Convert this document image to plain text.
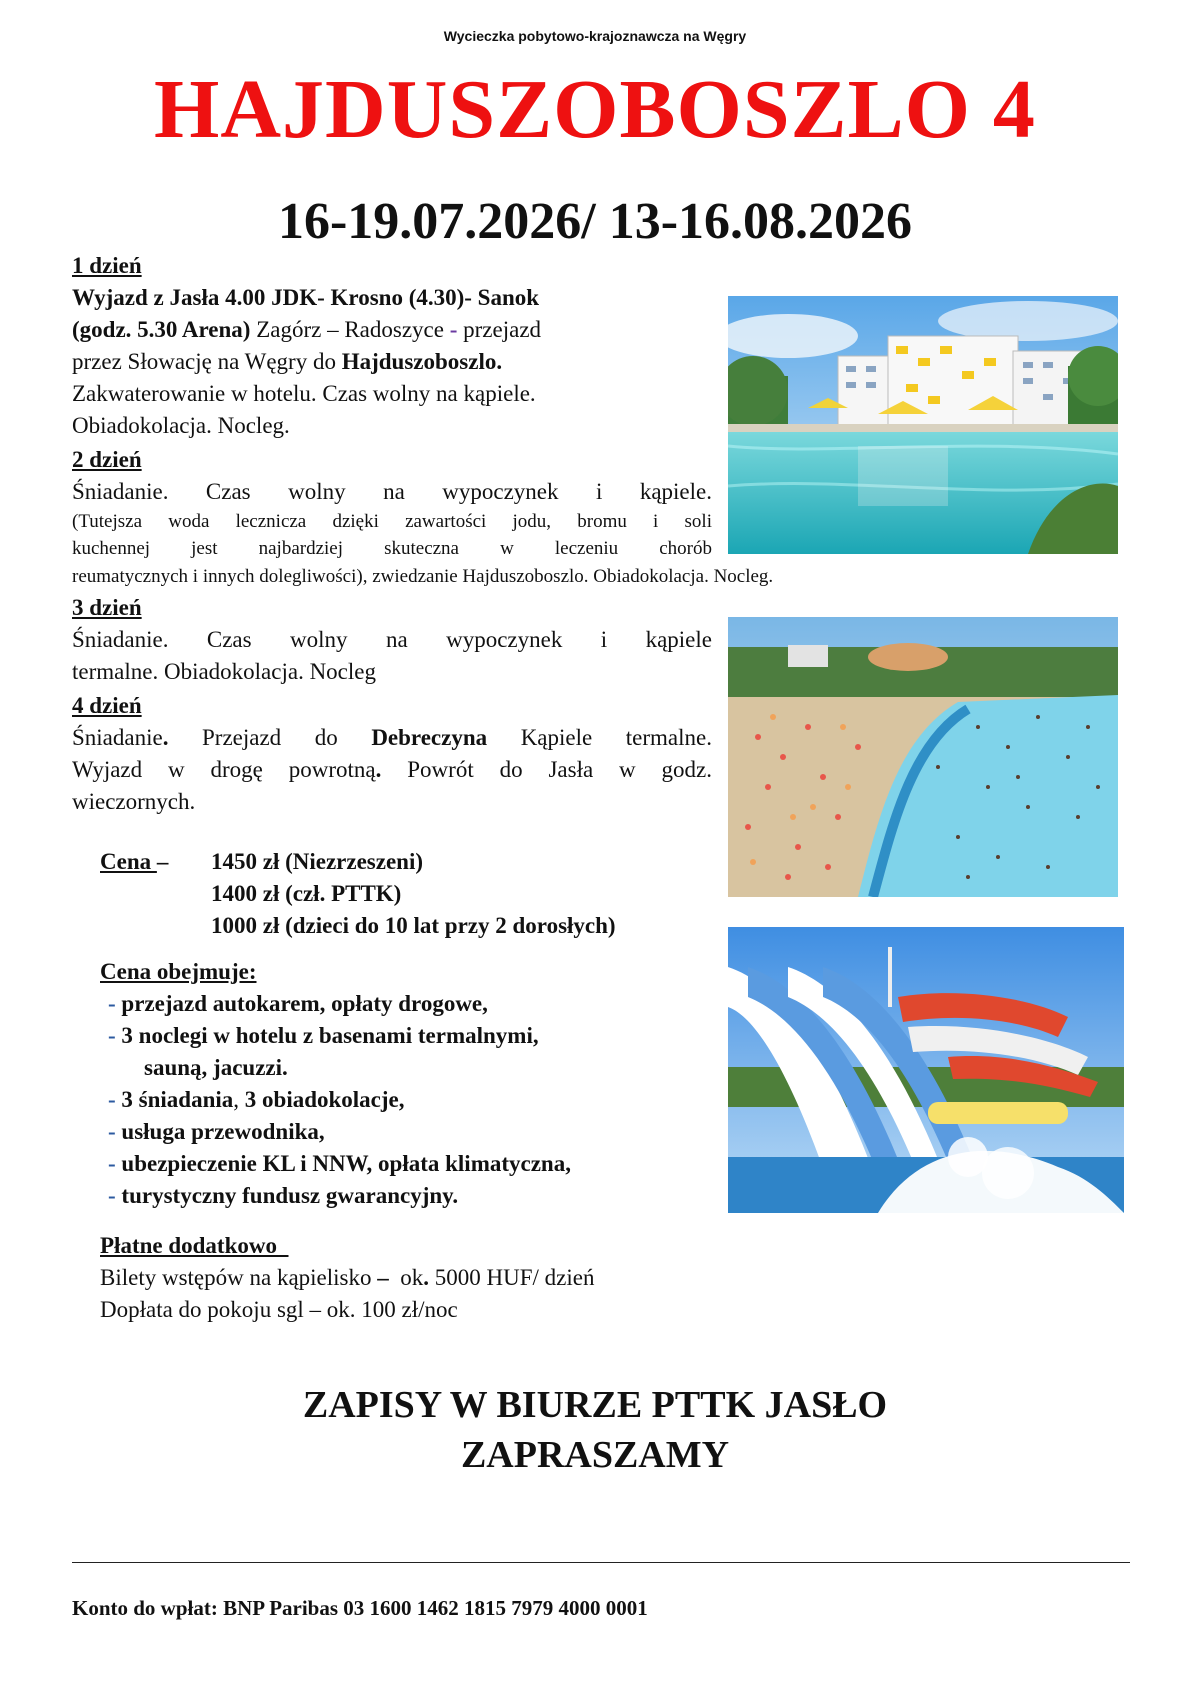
Wycieczka pobytowo-krajoznawcza na Węgry
HAJDUSZOBOSZLO 4
16-19.07.2026/ 13-16.08.2026
1 dzień
Wyjazd z Jasła 4.00 JDK- Krosno (4.30)- Sanok
(godz. 5.30 Arena) Zagórz – Radoszyce - przejazd
przez Słowację na Węgry do Hajduszoboszlo.
Zakwaterowanie w hotelu. Czas wolny na kąpiele.
Obiadokolacja. Nocleg.
2 dzień
Śniadanie. Czas wolny na wypoczynek i kąpiele.
(Tutejsza woda lecznicza dzięki zawartości jodu, bromu i soli
kuchennej jest najbardziej skuteczna w leczeniu chorób
reumatycznych i innych dolegliwości), zwiedzanie Hajduszoboszlo. Obiadokolacja. Nocleg.
3 dzień
Śniadanie. Czas wolny na wypoczynek i kąpiele
termalne. Obiadokolacja. Nocleg
4 dzień
Śniadanie. Przejazd do Debreczyna Kąpiele termalne.
Wyjazd w drogę powrotną. Powrót do Jasła w godz.
wieczornych.
Cena – 1450 zł (Niezrzeszeni)
1400 zł (czł. PTTK)
1000 zł (dzieci do 10 lat przy 2 dorosłych)
Cena obejmuje:
- przejazd autokarem, opłaty drogowe,
- 3 noclegi w hotelu z basenami termalnymi,
sauną, jacuzzi.
- 3 śniadania, 3 obiadokolacje,
- usługa przewodnika,
- ubezpieczenie KL i NNW, opłata klimatyczna,
- turystyczny fundusz gwarancyjny.
Płatne dodatkowo
Bilety wstępów na kąpielisko –  ok. 5000 HUF/ dzień
Dopłata do pokoju sgl – ok. 100 zł/noc
ZAPISY W BIURZE PTTK JASŁO
ZAPRASZAMY
Konto do wpłat: BNP Paribas 03 1600 1462 1815 7979 4000 0001
